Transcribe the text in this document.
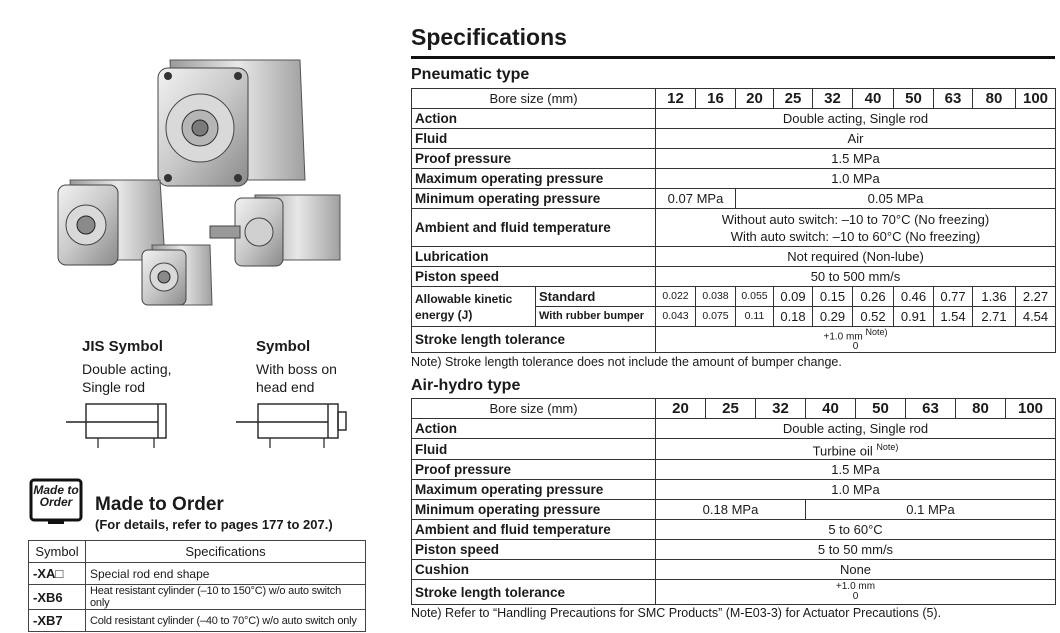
JIS Symbol
Double acting,
Single rod
Symbol
With boss on
head end
Made to
Order	Made to Order
(For details, refer to pages 177 to 207.)
Symbol	Specifications
-XA□	Special rod end shape
-XB6	Heat resistant cylinder (–10 to 150°C) w/o auto switch only
-XB7	Cold resistant cylinder (–40 to 70°C) w/o auto switch only
Specifications
Pneumatic type
Bore size (mm)		12	16	20	25	32	40	50	63	80	100
Action		Double acting, Single rod									
Fluid		Air									
Proof pressure		1.5 MPa									
Maximum operating pressure		1.0 MPa									
Minimum operating pressure		0.07 MPa		0.05 MPa							
Ambient and fluid temperature		Without auto switch: –10 to 70°C (No freezing)
With auto switch: –10 to 60°C (No freezing)									

Lubrication		Not required (Non-lube)									
Piston speed		50 to 500 mm/s									

Allowable kinetic
energy (J)	Standard	0.022	0.038	0.055	0.09	0.15	0.26	0.46	0.77	1.36	2.27
	With rubber bumper	0.043	0.075	0.11	0.18	0.29	0.52	0.91	1.54	2.71	4.54
Stroke length tolerance		+1.0 mm $^{Note)}$
0									
Note) Stroke length tolerance does not include the amount of bumper change.
Air-hydro type
Bore size (mm)	20	25	32	40	50	63	80	100
Action	Double acting, Single rod							
Fluid	Turbine oil $^{Note)}$
Proof pressure	1.5 MPa							
Maximum operating pressure	1.0 MPa							
Minimum operating pressure	0.18 MPa			0.1 MPa				
Ambient and fluid temperature	5 to 60°C							
Piston speed	5 to 50 mm/s							
Cushion	None							
Stroke length tolerance	+1.0 mm
0							
Note) Refer to “Handling Precautions for SMC Products” (M-E03-3) for Actuator Precautions (5).
